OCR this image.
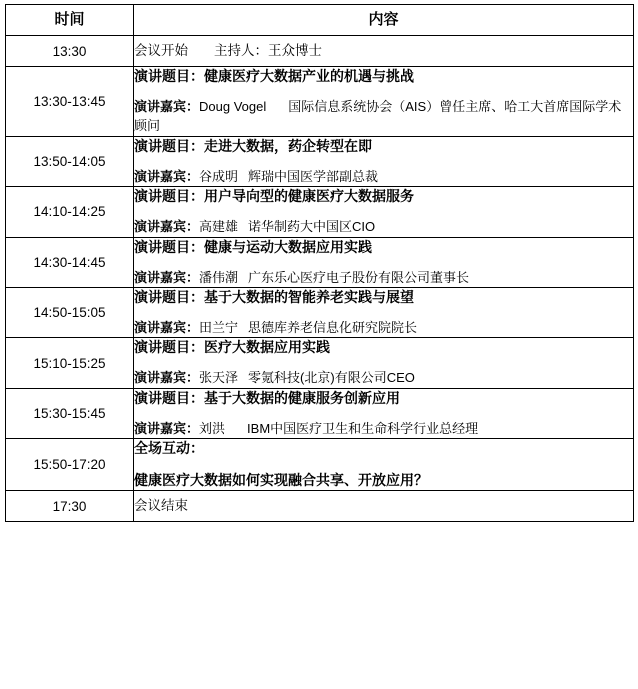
时间	内容
13:30	会议开始 主持人：王众博士
13:30-13:45	演讲题目：健康医疗大数据产业的机遇与挑战
演讲嘉宾：Doug Vogel 国际信息系统协会（AIS）曾任主席、哈工大首席国际学术顾问

13:50-14:05	演讲题目：走进大数据，药企转型在即
演讲嘉宾：谷成明 辉瑞中国医学部副总裁

14:10-14:25	演讲题目：用户导向型的健康医疗大数据服务
演讲嘉宾：高建雄 诺华制药大中国区CIO

14:30-14:45	演讲题目：健康与运动大数据应用实践
演讲嘉宾：潘伟潮 广东乐心医疗电子股份有限公司董事长

14:50-15:05	演讲题目：基于大数据的智能养老实践与展望
演讲嘉宾：田兰宁 思德库养老信息化研究院院长

15:10-15:25	演讲题目：医疗大数据应用实践
演讲嘉宾：张天泽 零氪科技(北京)有限公司CEO

15:30-15:45	演讲题目：基于大数据的健康服务创新应用
演讲嘉宾：刘洪 IBM中国医疗卫生和生命科学行业总经理

15:50-17:20	全场互动：
健康医疗大数据如何实现融合共享、开放应用？

17:30	会议结束
